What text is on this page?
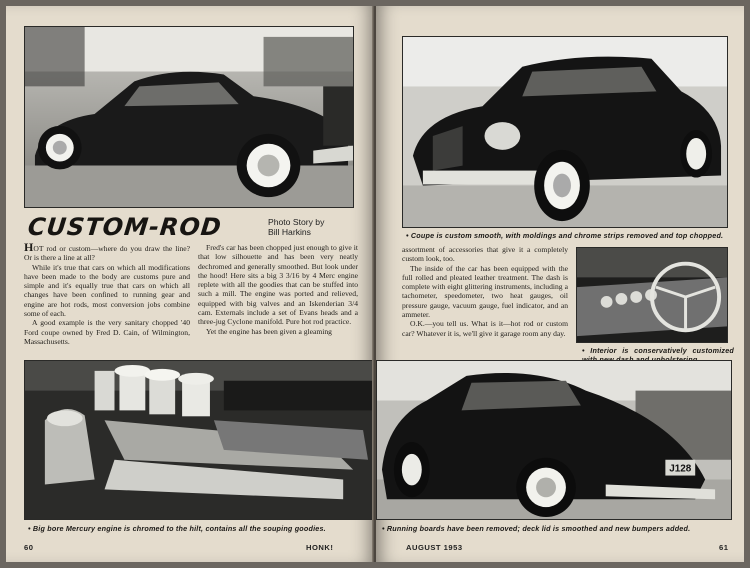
CUSTOM-ROD	Photo Story by
Bill Harkins

HOT rod or custom—where do you draw the line? Or is there a line at all?

While it's true that cars on which all modifications have been made to the body are customs pure and simple and it's equally true that cars on which all changes have been confined to running gear and engine are hot rods, most conversion jobs combine some of each.

A good example is the very sanitary chopped '40 Ford coupe owned by Fred D. Cain, of Wilmington, Massachusetts.

Fred's car has been chopped just enough to give it that low silhouette and has been very neatly dechromed and generally smoothed. But look under the hood! Here sits a big 3 3/16 by 4 Merc engine replete with all the goodies that can be stuffed into such a mill. The engine was ported and relieved, equipped with big valves and an Iskenderian 3/4 cam. Externals include a set of Evans heads and a three-jug Cyclone manifold. Pure hot rod practice.

Yet the engine has been given a gleaming

• Big bore Mercury engine is chromed to the hilt, contains all the souping goodies.
60	HONK!
• Coupe is custom smooth, with moldings and chrome strips removed and top chopped.

assortment of accessories that give it a completely custom look, too.

The inside of the car has been equipped with the full rolled and pleated leather treatment. The dash is complete with eight glittering instruments, including a tachometer, speedometer, two heat gauges, oil pressure gauge, vacuum gauge, fuel indicator, and an ammeter.

O.K.—you tell us. What is it—hot rod or custom car? Whatever it is, we'll give it garage room any day.

• Interior is conservatively customized
J128
• Running boards have been removed; deck lid is smoothed and new bumpers added.
AUGUST 1953	61
